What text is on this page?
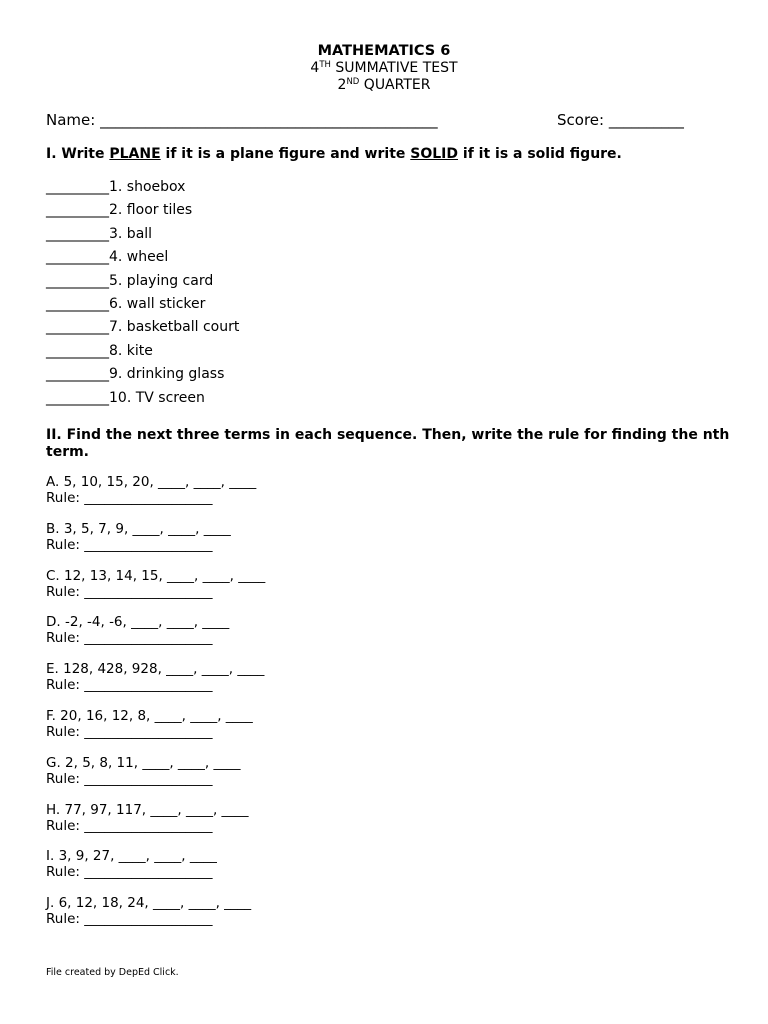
MATHEMATICS 6
4TH SUMMATIVE TEST
2ND QUARTER
Name: _____________________________________________	Score: __________
I. Write PLANE if it is a plane figure and write SOLID if it is a solid figure.
_________1. shoebox
_________2. floor tiles
_________3. ball
_________4. wheel
_________5. playing card
_________6. wall sticker
_________7. basketball court
_________8. kite
_________9. drinking glass
_________10. TV screen
II. Find the next three terms in each sequence. Then, write the rule for finding the nth term.
A. 5, 10, 15, 20, ____, ____, ____
Rule: ___________________
B. 3, 5, 7, 9, ____, ____, ____
Rule: ___________________
C. 12, 13, 14, 15, ____, ____, ____
Rule: ___________________
D. -2, -4, -6, ____, ____, ____
Rule: ___________________
E. 128, 428, 928, ____, ____, ____
Rule: ___________________
F. 20, 16, 12, 8, ____, ____, ____
Rule: ___________________
G. 2, 5, 8, 11, ____, ____, ____
Rule: ___________________
H. 77, 97, 117, ____, ____, ____
Rule: ___________________
I. 3, 9, 27, ____, ____, ____
Rule: ___________________
J. 6, 12, 18, 24, ____, ____, ____
Rule: ___________________
File created by DepEd Click.
